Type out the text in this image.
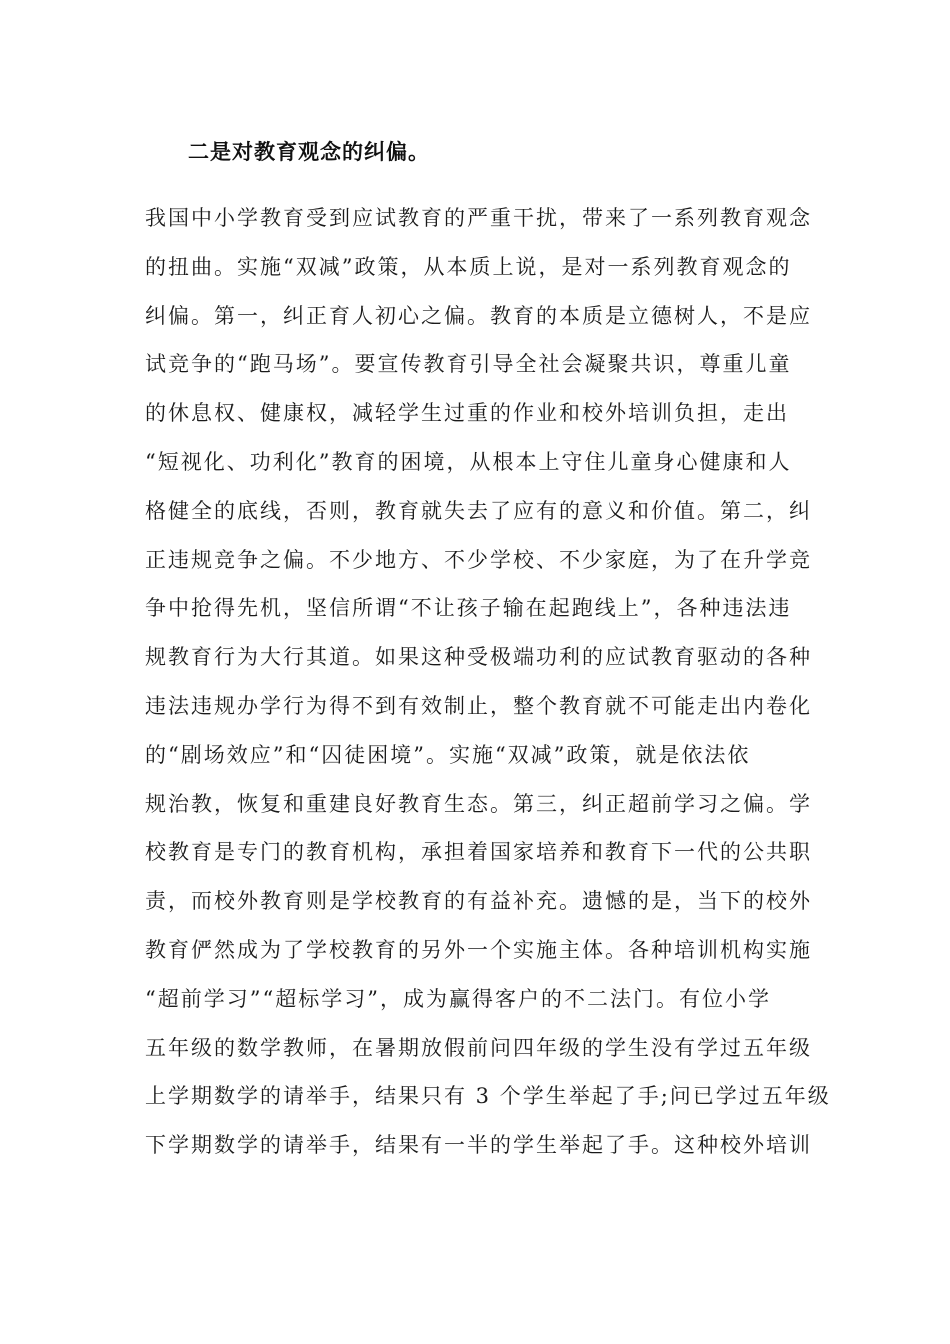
二是对教育观念的纠偏。
我国中小学教育受到应试教育的严重干扰，带来了一系列教育观念
的扭曲。实施“双减”政策，从本质上说，是对一系列教育观念的
纠偏。第一，纠正育人初心之偏。教育的本质是立德树人，不是应
试竞争的“跑马场”。要宣传教育引导全社会凝聚共识，尊重儿童
的休息权、健康权，减轻学生过重的作业和校外培训负担，走出
“短视化、功利化”教育的困境，从根本上守住儿童身心健康和人
格健全的底线，否则，教育就失去了应有的意义和价值。第二，纠
正违规竞争之偏。不少地方、不少学校、不少家庭，为了在升学竞
争中抢得先机，坚信所谓“不让孩子输在起跑线上”，各种违法违
规教育行为大行其道。如果这种受极端功利的应试教育驱动的各种
违法违规办学行为得不到有效制止，整个教育就不可能走出内卷化
的“剧场效应”和“囚徒困境”。实施“双减”政策，就是依法依
规治教，恢复和重建良好教育生态。第三，纠正超前学习之偏。学
校教育是专门的教育机构，承担着国家培养和教育下一代的公共职
责，而校外教育则是学校教育的有益补充。遗憾的是，当下的校外
教育俨然成为了学校教育的另外一个实施主体。各种培训机构实施
“超前学习”“超标学习”，成为赢得客户的不二法门。有位小学
五年级的数学教师，在暑期放假前问四年级的学生没有学过五年级
上学期数学的请举手，结果只有 3 个学生举起了手;问已学过五年级
下学期数学的请举手，结果有一半的学生举起了手。这种校外培训
